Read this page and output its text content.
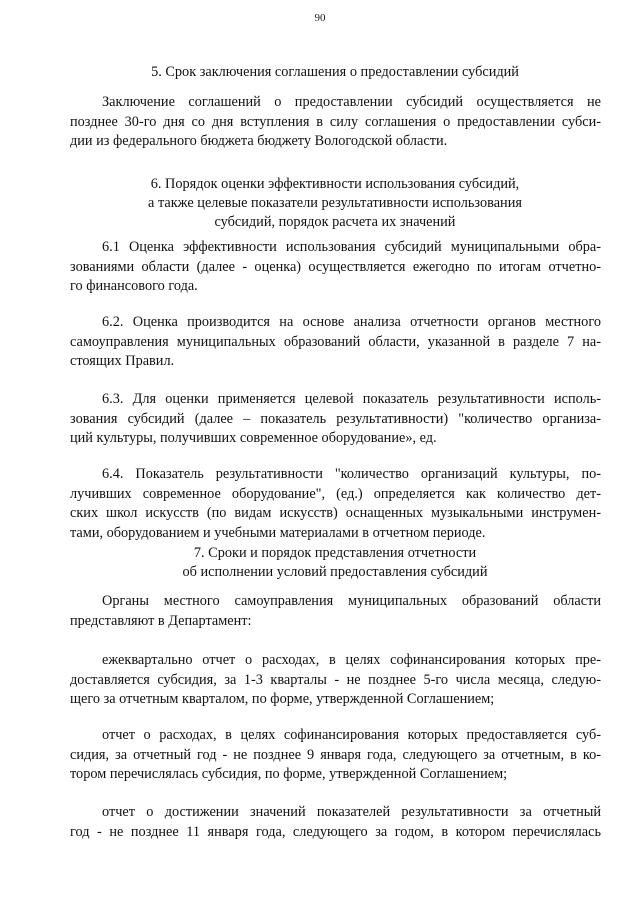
90
5. Срок заключения соглашения о предоставлении субсидий
Заключение соглашений о предоставлении субсидий осуществляется не
позднее 30-го дня со дня вступления в силу соглашения о предоставлении субси-
дии из федерального бюджета бюджету Вологодской области.
6. Порядок оценки эффективности использования субсидий,
а также целевые показатели результативности использования
субсидий, порядок расчета их значений
6.1 Оценка эффективности использования субсидий муниципальными обра-
зованиями области (далее - оценка) осуществляется ежегодно по итогам отчетно-
го финансового года.
6.2. Оценка производится на основе анализа отчетности органов местного
самоуправления муниципальных образований области, указанной в разделе 7 на-
стоящих Правил.
6.3. Для оценки применяется целевой показатель результативности исполь-
зования субсидий (далее – показатель результативности) "количество организа-
ций культуры, получивших современное оборудование», ед.
6.4. Показатель результативности "количество организаций культуры, по-
лучивших современное оборудование", (ед.) определяется как количество дет-
ских школ искусств (по видам искусств) оснащенных музыкальными инструмен-
тами, оборудованием и учебными материалами в отчетном периоде.
7. Сроки и порядок представления отчетности
об исполнении условий предоставления субсидий
Органы местного самоуправления муниципальных образований области
представляют в Департамент:
ежеквартально отчет о расходах, в целях софинансирования которых пре-
доставляется субсидия, за 1-3 кварталы - не позднее 5-го числа месяца, следую-
щего за отчетным кварталом, по форме, утвержденной Соглашением;
отчет о расходах, в целях софинансирования которых предоставляется суб-
сидия, за отчетный год - не позднее 9 января года, следующего за отчетным, в ко-
тором перечислялась субсидия, по форме, утвержденной Соглашением;
отчет о достижении значений показателей результативности за отчетный
год - не позднее 11 января года, следующего за годом, в котором перечислялась
